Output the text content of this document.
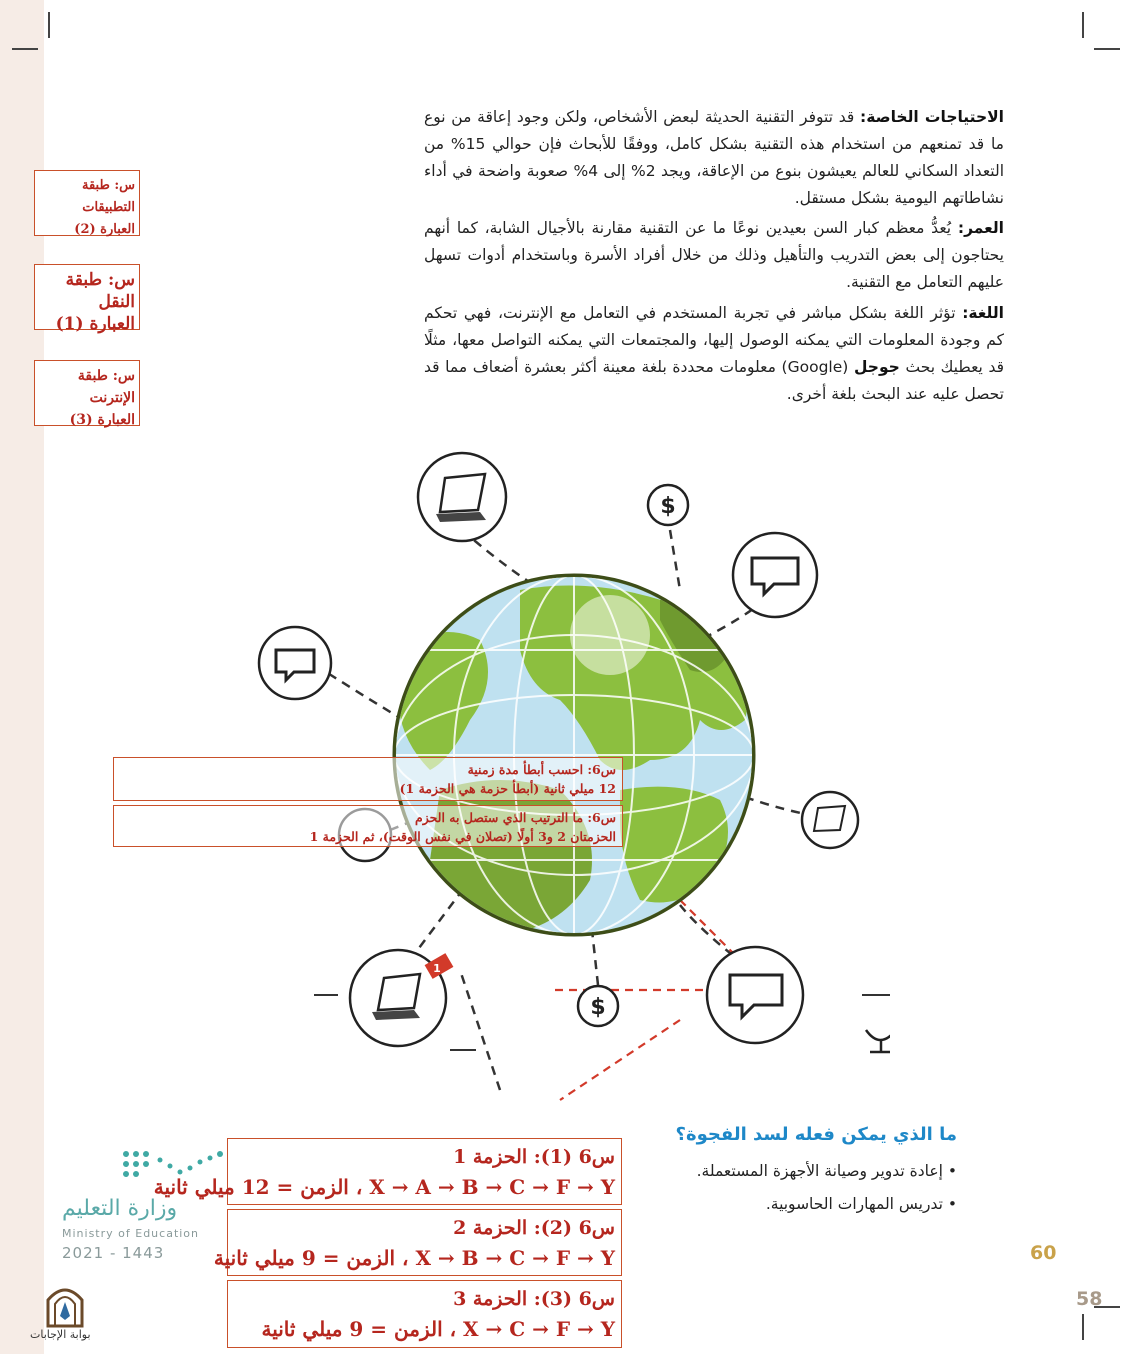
الاحتياجات الخاصة: قد تتوفر التقنية الحديثة لبعض الأشخاص، ولكن وجود إعاقة من نوع ما قد تمنعهم من استخدام هذه التقنية بشكل كامل، ووفقًا للأبحاث فإن حوالي 15% من التعداد السكاني للعالم يعيشون بنوع من الإعاقة، ويجد 2% إلى 4% صعوبة واضحة في أداء نشاطاتهم اليومية بشكل مستقل.
العمر: يُعدُّ معظم كبار السن بعيدين نوعًا ما عن التقنية مقارنة بالأجيال الشابة، كما أنهم يحتاجون إلى بعض التدريب والتأهيل وذلك من خلال أفراد الأسرة وباستخدام أدوات تسهل عليهم التعامل مع التقنية.
اللغة: تؤثر اللغة بشكل مباشر في تجربة المستخدم في التعامل مع الإنترنت، فهي تحكم كم وجودة المعلومات التي يمكنه الوصول إليها، والمجتمعات التي يمكنه التواصل معها، مثلًا قد يعطيك بحث جوجل (Google) معلومات محددة بلغة معينة أكثر بعشرة أضعاف مما قد تحصل عليه عند البحث بلغة أخرى.
س: طبقة التطبيقات
العبارة (2)
س: طبقة النقل
العبارة (1)
س: طبقة الإنترنت
العبارة (3)
$
1
$
س6: احسب أبطأ مدة زمنية
12 ميلي ثانية (أبطأ حزمة هي الحزمة 1)
س6: ما الترتيب الذي ستصل به الحزم
الحزمتان 2 و3 أولًا (تصلان في نفس الوقت)، ثم الحزمة 1
وزارة التعليم
Ministry of Education
2021 - 1443
س6 (1): الحزمة 1
X → A → B → C → F → Y ، الزمن = 12 ميلي ثانية
س6 (2): الحزمة 2
X → B → C → F → Y ، الزمن = 9 ميلي ثانية
س6 (3): الحزمة 3
X → C → F → Y ، الزمن = 9 ميلي ثانية
ما الذي يمكن فعله لسد الفجوة؟
• إعادة تدوير وصيانة الأجهزة المستعملة.
• تدريس المهارات الحاسوبية.
60
58
بوابة الإجابات
